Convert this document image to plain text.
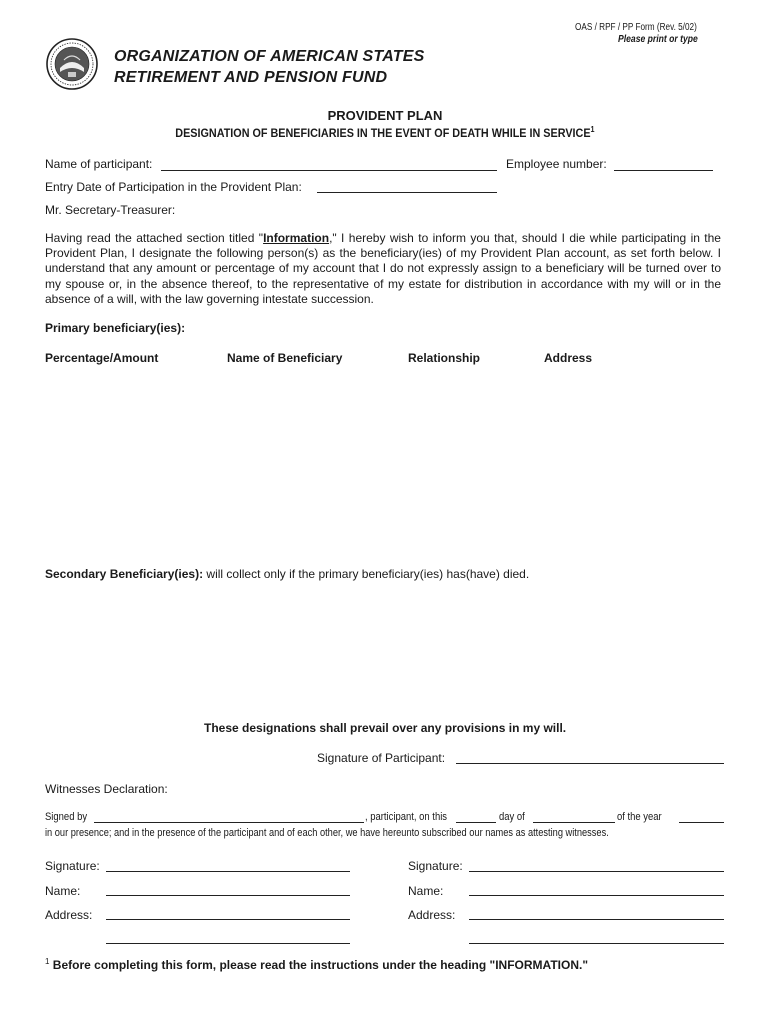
OAS / RPF / PP Form (Rev. 5/02)
Please print or type
ORGANIZATION OF AMERICAN STATES
RETIREMENT AND PENSION FUND
PROVIDENT PLAN
DESIGNATION OF BENEFICIARIES IN THE EVENT OF DEATH WHILE IN SERVICE$^1$
Name of participant:	Employee number:
Entry Date of Participation in the Provident Plan:
Mr. Secretary-Treasurer:
Having read the attached section titled "Information," I hereby wish to inform you that, should I die while participating in the Provident Plan, I designate the following person(s) as the beneficiary(ies) of my Provident Plan account, as set forth below. I understand that any amount or percentage of my account that I do not expressly assign to a beneficiary will be turned over to my spouse or, in the absence thereof, to the representative of my estate for distribution in accordance with my will or in the absence of a will, with the law governing intestate succession.
Primary beneficiary(ies):
Percentage/Amount	Name of Beneficiary	Relationship	Address
Secondary Beneficiary(ies): will collect only if the primary beneficiary(ies) has(have) died.
These designations shall prevail over any provisions in my will.
Signature of Participant:
Witnesses Declaration:
Signed by	, participant, on this	day of	of the year
in our presence; and in the presence of the participant and of each other, we have hereunto subscribed our names as attesting witnesses.
Signature:
Name:
Address:
Signature:
Name:
Address:
$^1$ Before completing this form, please read the instructions under the heading "INFORMATION."
